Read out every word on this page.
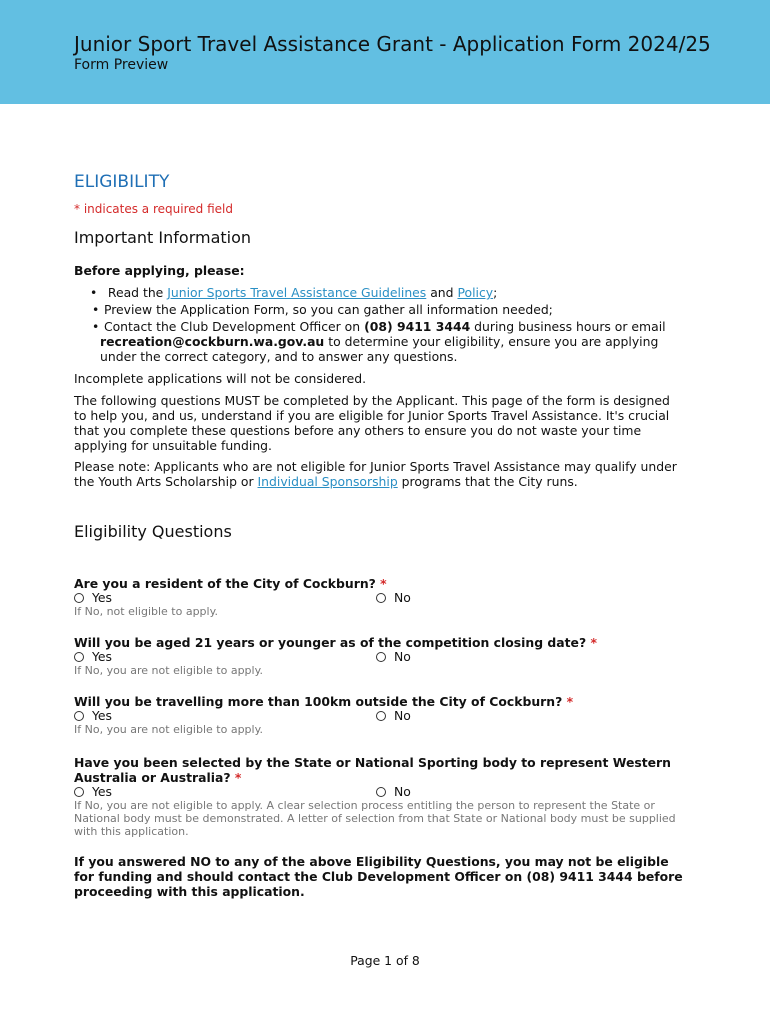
Junior Sport Travel Assistance Grant - Application Form 2024/25
Form Preview
ELIGIBILITY
* indicates a required field
Important Information
Before applying, please:
• Read the Junior Sports Travel Assistance Guidelines and Policy;
• Preview the Application Form, so you can gather all information needed;
• Contact the Club Development Officer on (08) 9411 3444 during business hours or email recreation@cockburn.wa.gov.au to determine your eligibility, ensure you are applying under the correct category, and to answer any questions.
Incomplete applications will not be considered.
The following questions MUST be completed by the Applicant. This page of the form is designed to help you, and us, understand if you are eligible for Junior Sports Travel Assistance. It's crucial that you complete these questions before any others to ensure you do not waste your time applying for unsuitable funding.
Please note: Applicants who are not eligible for Junior Sports Travel Assistance may qualify under the Youth Arts Scholarship or Individual Sponsorship programs that the City runs.
Eligibility Questions
Are you a resident of the City of Cockburn? *
Yes	No
If No, not eligible to apply.
Will you be aged 21 years or younger as of the competition closing date? *
Yes	No
If No, you are not eligible to apply.
Will you be travelling more than 100km outside the City of Cockburn? *
Yes	No
If No, you are not eligible to apply.
Have you been selected by the State or National Sporting body to represent Western Australia or Australia? *
Yes	No
If No, you are not eligible to apply. A clear selection process entitling the person to represent the State or National body must be demonstrated. A letter of selection from that State or National body must be supplied with this application.
If you answered NO to any of the above Eligibility Questions, you may not be eligible for funding and should contact the Club Development Officer on (08) 9411 3444 before proceeding with this application.
Page 1 of 8
